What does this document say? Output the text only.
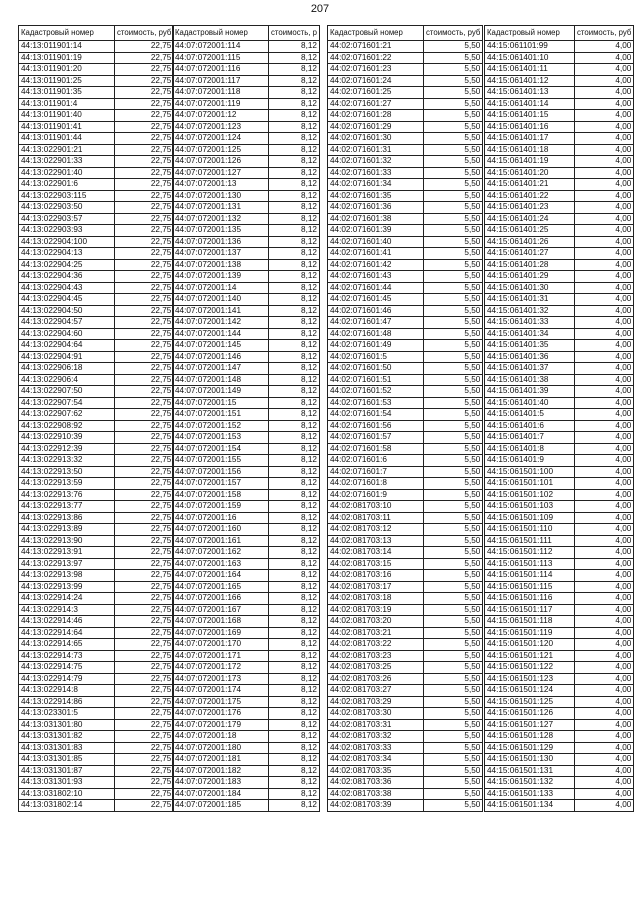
207
Кадастровый номер	стоимость, руб
44:13:011901:14	22,75
44:13:011901:19	22,75
44:13:011901:20	22,75
44:13:011901:25	22,75
44:13:011901:35	22,75
44:13:011901:4	22,75
44:13:011901:40	22,75
44:13:011901:41	22,75
44:13:011901:44	22,75
44:13:022901:21	22,75
44:13:022901:33	22,75
44:13:022901:40	22,75
44:13:022901:6	22,75
44:13:022903:115	22,75
44:13:022903:50	22,75
44:13:022903:57	22,75
44:13:022903:93	22,75
44:13:022904:100	22,75
44:13:022904:13	22,75
44:13:022904:25	22,75
44:13:022904:36	22,75
44:13:022904:43	22,75
44:13:022904:45	22,75
44:13:022904:50	22,75
44:13:022904:57	22,75
44:13:022904:60	22,75
44:13:022904:64	22,75
44:13:022904:91	22,75
44:13:022906:18	22,75
44:13:022906:4	22,75
44:13:022907:50	22,75
44:13:022907:54	22,75
44:13:022907:62	22,75
44:13:022908:92	22,75
44:13:022910:39	22,75
44:13:022912:39	22,75
44:13:022913:32	22,75
44:13:022913:50	22,75
44:13:022913:59	22,75
44:13:022913:76	22,75
44:13:022913:77	22,75
44:13:022913:86	22,75
44:13:022913:89	22,75
44:13:022913:90	22,75
44:13:022913:91	22,75
44:13:022913:97	22,75
44:13:022913:98	22,75
44:13:022913:99	22,75
44:13:022914:24	22,75
44:13:022914:3	22,75
44:13:022914:46	22,75
44:13:022914:64	22,75
44:13:022914:65	22,75
44:13:022914:73	22,75
44:13:022914:75	22,75
44:13:022914:79	22,75
44:13:022914:8	22,75
44:13:022914:86	22,75
44:13:023301:5	22,75
44:13:031301:80	22,75
44:13:031301:82	22,75
44:13:031301:83	22,75
44:13:031301:85	22,75
44:13:031301:87	22,75
44:13:031301:93	22,75
44:13:031802:10	22,75
44:13:031802:14	22,75
Кадастровый номер	стоимость, р
44:07:072001:114	8,12
44:07:072001:115	8,12
44:07:072001:116	8,12
44:07:072001:117	8,12
44:07:072001:118	8,12
44:07:072001:119	8,12
44:07:072001:12	8,12
44:07:072001:123	8,12
44:07:072001:124	8,12
44:07:072001:125	8,12
44:07:072001:126	8,12
44:07:072001:127	8,12
44:07:072001:13	8,12
44:07:072001:130	8,12
44:07:072001:131	8,12
44:07:072001:132	8,12
44:07:072001:135	8,12
44:07:072001:136	8,12
44:07:072001:137	8,12
44:07:072001:138	8,12
44:07:072001:139	8,12
44:07:072001:14	8,12
44:07:072001:140	8,12
44:07:072001:141	8,12
44:07:072001:142	8,12
44:07:072001:144	8,12
44:07:072001:145	8,12
44:07:072001:146	8,12
44:07:072001:147	8,12
44:07:072001:148	8,12
44:07:072001:149	8,12
44:07:072001:15	8,12
44:07:072001:151	8,12
44:07:072001:152	8,12
44:07:072001:153	8,12
44:07:072001:154	8,12
44:07:072001:155	8,12
44:07:072001:156	8,12
44:07:072001:157	8,12
44:07:072001:158	8,12
44:07:072001:159	8,12
44:07:072001:16	8,12
44:07:072001:160	8,12
44:07:072001:161	8,12
44:07:072001:162	8,12
44:07:072001:163	8,12
44:07:072001:164	8,12
44:07:072001:165	8,12
44:07:072001:166	8,12
44:07:072001:167	8,12
44:07:072001:168	8,12
44:07:072001:169	8,12
44:07:072001:170	8,12
44:07:072001:171	8,12
44:07:072001:172	8,12
44:07:072001:173	8,12
44:07:072001:174	8,12
44:07:072001:175	8,12
44:07:072001:176	8,12
44:07:072001:179	8,12
44:07:072001:18	8,12
44:07:072001:180	8,12
44:07:072001:181	8,12
44:07:072001:182	8,12
44:07:072001:183	8,12
44:07:072001:184	8,12
44:07:072001:185	8,12
Кадастровый номер	стоимость, руб
44:02:071601:21	5,50
44:02:071601:22	5,50
44:02:071601:23	5,50
44:02:071601:24	5,50
44:02:071601:25	5,50
44:02:071601:27	5,50
44:02:071601:28	5,50
44:02:071601:29	5,50
44:02:071601:30	5,50
44:02:071601:31	5,50
44:02:071601:32	5,50
44:02:071601:33	5,50
44:02:071601:34	5,50
44:02:071601:35	5,50
44:02:071601:36	5,50
44:02:071601:38	5,50
44:02:071601:39	5,50
44:02:071601:40	5,50
44:02:071601:41	5,50
44:02:071601:42	5,50
44:02:071601:43	5,50
44:02:071601:44	5,50
44:02:071601:45	5,50
44:02:071601:46	5,50
44:02:071601:47	5,50
44:02:071601:48	5,50
44:02:071601:49	5,50
44:02:071601:5	5,50
44:02:071601:50	5,50
44:02:071601:51	5,50
44:02:071601:52	5,50
44:02:071601:53	5,50
44:02:071601:54	5,50
44:02:071601:56	5,50
44:02:071601:57	5,50
44:02:071601:58	5,50
44:02:071601:6	5,50
44:02:071601:7	5,50
44:02:071601:8	5,50
44:02:071601:9	5,50
44:02:081703:10	5,50
44:02:081703:11	5,50
44:02:081703:12	5,50
44:02:081703:13	5,50
44:02:081703:14	5,50
44:02:081703:15	5,50
44:02:081703:16	5,50
44:02:081703:17	5,50
44:02:081703:18	5,50
44:02:081703:19	5,50
44:02:081703:20	5,50
44:02:081703:21	5,50
44:02:081703:22	5,50
44:02:081703:23	5,50
44:02:081703:25	5,50
44:02:081703:26	5,50
44:02:081703:27	5,50
44:02:081703:29	5,50
44:02:081703:30	5,50
44:02:081703:31	5,50
44:02:081703:32	5,50
44:02:081703:33	5,50
44:02:081703:34	5,50
44:02:081703:35	5,50
44:02:081703:36	5,50
44:02:081703:38	5,50
44:02:081703:39	5,50
Кадастровый номер	стоимость, руб
44:15:061101:99	4,00
44:15:061401:10	4,00
44:15:061401:11	4,00
44:15:061401:12	4,00
44:15:061401:13	4,00
44:15:061401:14	4,00
44:15:061401:15	4,00
44:15:061401:16	4,00
44:15:061401:17	4,00
44:15:061401:18	4,00
44:15:061401:19	4,00
44:15:061401:20	4,00
44:15:061401:21	4,00
44:15:061401:22	4,00
44:15:061401:23	4,00
44:15:061401:24	4,00
44:15:061401:25	4,00
44:15:061401:26	4,00
44:15:061401:27	4,00
44:15:061401:28	4,00
44:15:061401:29	4,00
44:15:061401:30	4,00
44:15:061401:31	4,00
44:15:061401:32	4,00
44:15:061401:33	4,00
44:15:061401:34	4,00
44:15:061401:35	4,00
44:15:061401:36	4,00
44:15:061401:37	4,00
44:15:061401:38	4,00
44:15:061401:39	4,00
44:15:061401:40	4,00
44:15:061401:5	4,00
44:15:061401:6	4,00
44:15:061401:7	4,00
44:15:061401:8	4,00
44:15:061401:9	4,00
44:15:061501:100	4,00
44:15:061501:101	4,00
44:15:061501:102	4,00
44:15:061501:103	4,00
44:15:061501:109	4,00
44:15:061501:110	4,00
44:15:061501:111	4,00
44:15:061501:112	4,00
44:15:061501:113	4,00
44:15:061501:114	4,00
44:15:061501:115	4,00
44:15:061501:116	4,00
44:15:061501:117	4,00
44:15:061501:118	4,00
44:15:061501:119	4,00
44:15:061501:120	4,00
44:15:061501:121	4,00
44:15:061501:122	4,00
44:15:061501:123	4,00
44:15:061501:124	4,00
44:15:061501:125	4,00
44:15:061501:126	4,00
44:15:061501:127	4,00
44:15:061501:128	4,00
44:15:061501:129	4,00
44:15:061501:130	4,00
44:15:061501:131	4,00
44:15:061501:132	4,00
44:15:061501:133	4,00
44:15:061501:134	4,00
